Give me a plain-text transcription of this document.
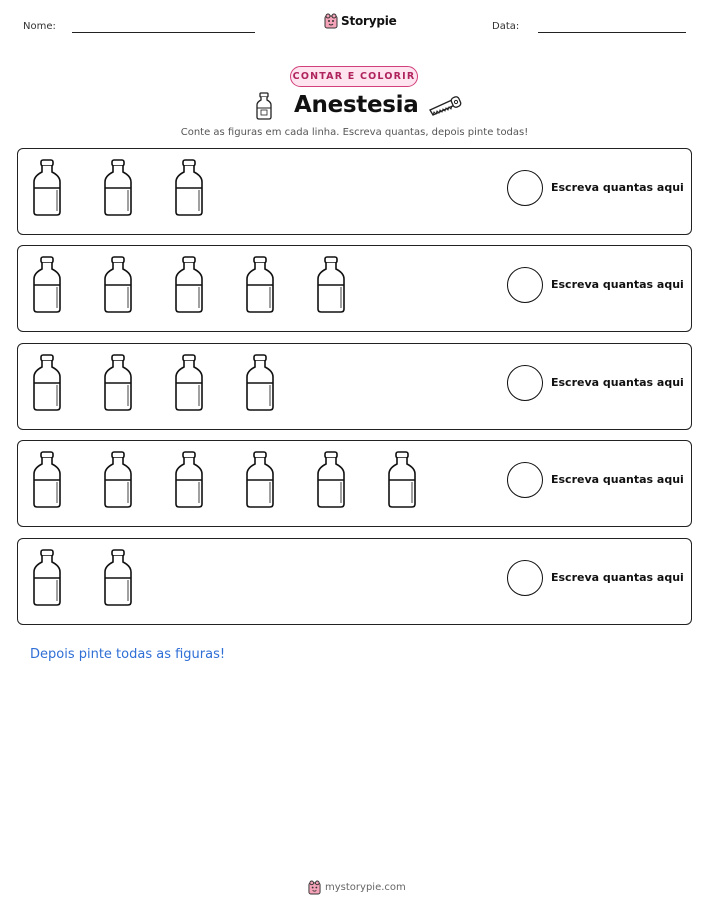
Nome:	Storypie	Data:
CONTAR E COLORIR
Anestesia
Conte as figuras em cada linha. Escreva quantas, depois pinte todas!
Escreva quantas aqui
Escreva quantas aqui
Escreva quantas aqui
Escreva quantas aqui
Escreva quantas aqui
Depois pinte todas as figuras!
mystorypie.com
